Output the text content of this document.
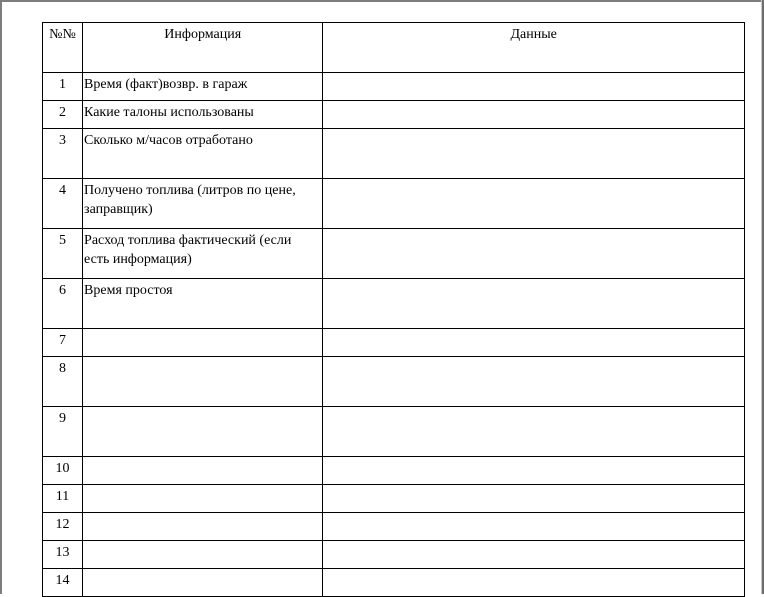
№№	Информация	Данные
1	Время (факт)возвр. в гараж	
2	Какие талоны использованы	
3	Сколько м/часов отработано	
4	Получено топлива (литров по цене, заправщик)	
5	Расход топлива фактический (если есть информация)	
6	Время простоя	
7		
8		
9		
10		
11		
12		
13		
14		
